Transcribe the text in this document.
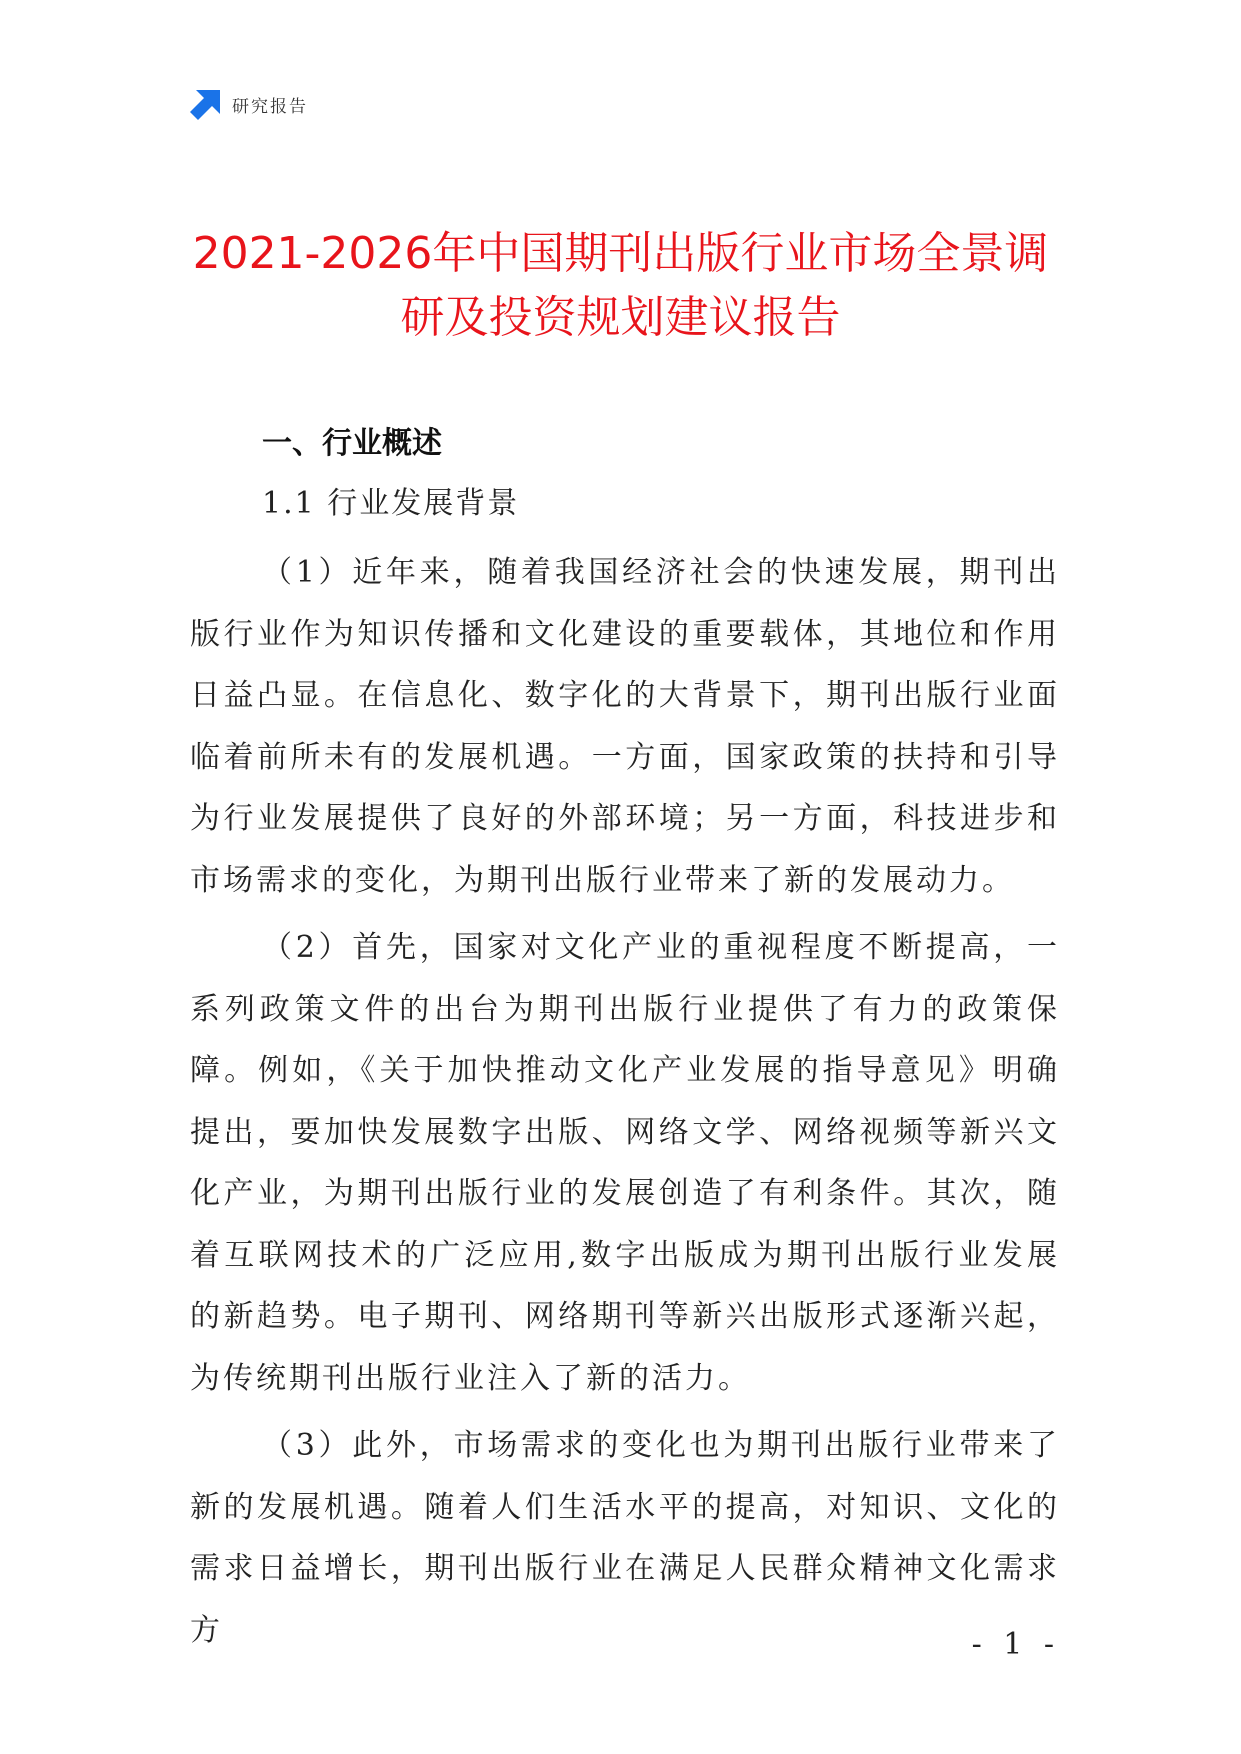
研究报告
2021-2026年中国期刊出版行业市场全景调
研及投资规划建议报告
一、行业概述
1.1 行业发展背景

（1）近年来，随着我国经济社会的快速发展，期刊出版行业作为知识传播和文化建设的重要载体，其地位和作用日益凸显。在信息化、数字化的大背景下，期刊出版行业面临着前所未有的发展机遇。一方面，国家政策的扶持和引导为行业发展提供了良好的外部环境；另一方面，科技进步和市场需求的变化，为期刊出版行业带来了新的发展动力。

（2）首先，国家对文化产业的重视程度不断提高，一系列政策文件的出台为期刊出版行业提供了有力的政策保障。例如，《关于加快推动文化产业发展的指导意见》明确提出，要加快发展数字出版、网络文学、网络视频等新兴文化产业，为期刊出版行业的发展创造了有利条件。其次，随着互联网技术的广泛应用,数字出版成为期刊出版行业发展的新趋势。电子期刊、网络期刊等新兴出版形式逐渐兴起，为传统期刊出版行业注入了新的活力。

（3）此外，市场需求的变化也为期刊出版行业带来了新的发展机遇。随着人们生活水平的提高，对知识、文化的需求日益增长，期刊出版行业在满足人民群众精神文化需求方	- 1 -
